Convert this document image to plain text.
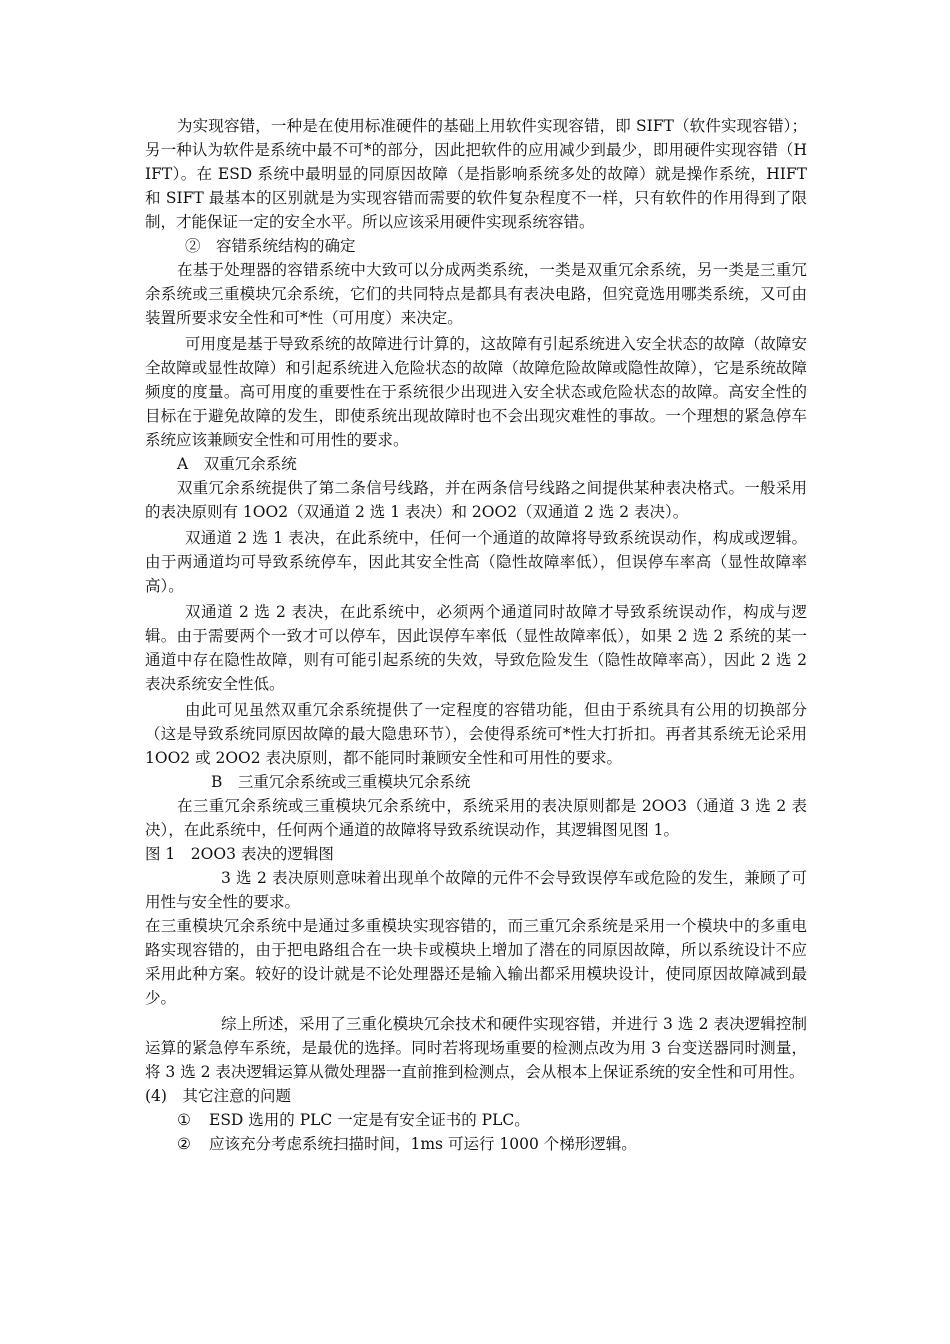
为实现容错，一种是在使用标准硬件的基础上用软件实现容错，即 SIFT（软件实现容错）；另一种认为软件是系统中最不可*的部分，因此把软件的应用减少到最少，即用硬件实现容错（HIFT）。在 ESD 系统中最明显的同原因故障（是指影响系统多处的故障）就是操作系统，HIFT 和 SIFT 最基本的区别就是为实现容错而需要的软件复杂程度不一样，只有软件的作用得到了限制，才能保证一定的安全水平。所以应该采用硬件实现系统容错。

②　容错系统结构的确定

在基于处理器的容错系统中大致可以分成两类系统，一类是双重冗余系统，另一类是三重冗余系统或三重模块冗余系统，它们的共同特点是都具有表决电路，但究竟选用哪类系统，又可由装置所要求安全性和可*性（可用度）来决定。

可用度是基于导致系统的故障进行计算的，这故障有引起系统进入安全状态的故障（故障安全故障或显性故障）和引起系统进入危险状态的故障（故障危险故障或隐性故障），它是系统故障频度的度量。高可用度的重要性在于系统很少出现进入安全状态或危险状态的故障。高安全性的目标在于避免故障的发生，即使系统出现故障时也不会出现灾难性的事故。一个理想的紧急停车系统应该兼顾安全性和可用性的要求。

A　双重冗余系统

双重冗余系统提供了第二条信号线路，并在两条信号线路之间提供某种表决格式。一般采用的表决原则有 1OO2（双通道 2 选 1 表决）和 2OO2（双通道 2 选 2 表决）。

双通道 2 选 1 表决，在此系统中，任何一个通道的故障将导致系统误动作，构成或逻辑。由于两通道均可导致系统停车，因此其安全性高（隐性故障率低），但误停车率高（显性故障率高）。

双通道 2 选 2 表决，在此系统中，必须两个通道同时故障才导致系统误动作，构成与逻辑。由于需要两个一致才可以停车，因此误停车率低（显性故障率低），如果 2 选 2 系统的某一通道中存在隐性故障，则有可能引起系统的失效，导致危险发生（隐性故障率高），因此 2 选 2 表决系统安全性低。

由此可见虽然双重冗余系统提供了一定程度的容错功能，但由于系统具有公用的切换部分（这是导致系统同原因故障的最大隐患环节），会使得系统可*性大打折扣。再者其系统无论采用 1OO2 或 2OO2 表决原则，都不能同时兼顾安全性和可用性的要求。

B　三重冗余系统或三重模块冗余系统

在三重冗余系统或三重模块冗余系统中，系统采用的表决原则都是 2OO3（通道 3 选 2 表决），在此系统中，任何两个通道的故障将导致系统误动作，其逻辑图见图 1。

图 1　2OO3 表决的逻辑图

3 选 2 表决原则意味着出现单个故障的元件不会导致误停车或危险的发生，兼顾了可用性与安全性的要求。

在三重模块冗余系统中是通过多重模块实现容错的，而三重冗余系统是采用一个模块中的多重电路实现容错的，由于把电路组合在一块卡或模块上增加了潜在的同原因故障，所以系统设计不应采用此种方案。较好的设计就是不论处理器还是输入输出都采用模块设计，使同原因故障减到最少。

综上所述，采用了三重化模块冗余技术和硬件实现容错，并进行 3 选 2 表决逻辑控制运算的紧急停车系统，是最优的选择。同时若将现场重要的检测点改为用 3 台变送器同时测量，将 3 选 2 表决逻辑运算从微处理器一直前推到检测点，会从根本上保证系统的安全性和可用性。

(4)　其它注意的问题

① ESD 选用的 PLC 一定是有安全证书的 PLC。

② 应该充分考虑系统扫描时间，1ms 可运行 1000 个梯形逻辑。
